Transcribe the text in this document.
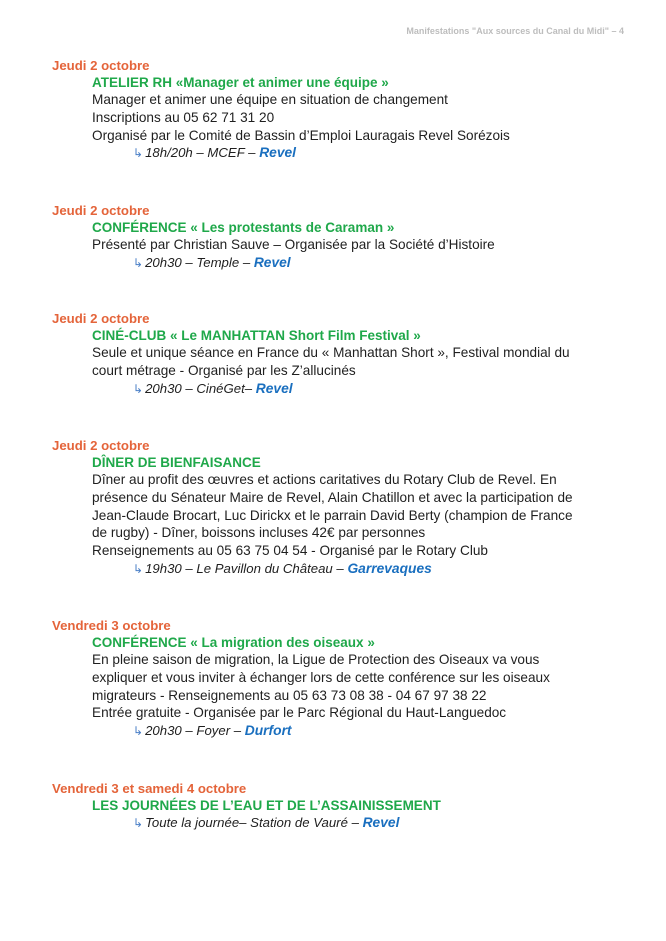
Manifestations "Aux sources du Canal du Midi" – 4
Jeudi 2 octobre
ATELIER RH «Manager et animer une équipe »
Manager et animer une équipe en situation de changement
Inscriptions au 05 62 71 31 20
Organisé par le Comité de Bassin d’Emploi Lauragais Revel Sorézois
↳ 18h/20h – MCEF – Revel
Jeudi 2 octobre
CONFÉRENCE « Les protestants de Caraman »
Présenté par Christian Sauve – Organisée par la Société d’Histoire
↳ 20h30 – Temple – Revel
Jeudi 2 octobre
CINÉ-CLUB « Le MANHATTAN Short Film Festival »
Seule et unique séance en France du « Manhattan Short », Festival mondial du
court métrage - Organisé par les Z’allucinés
↳ 20h30 – CinéGet– Revel
Jeudi 2 octobre
DÎNER DE BIENFAISANCE
Dîner au profit des œuvres et actions caritatives du Rotary Club de Revel. En
présence du Sénateur Maire de Revel, Alain Chatillon et avec la participation de
Jean-Claude Brocart, Luc Dirickx et le parrain David Berty (champion de France
de rugby) - Dîner, boissons incluses 42€ par personnes
Renseignements au 05 63 75 04 54 - Organisé par le Rotary Club
↳ 19h30 – Le Pavillon du Château – Garrevaques
Vendredi 3 octobre
CONFÉRENCE « La migration des oiseaux »
En pleine saison de migration, la Ligue de Protection des Oiseaux va vous
expliquer et vous inviter à échanger lors de cette conférence sur les oiseaux
migrateurs - Renseignements au 05 63 73 08 38 - 04 67 97 38 22
Entrée gratuite - Organisée par le Parc Régional du Haut-Languedoc
↳ 20h30 – Foyer – Durfort
Vendredi 3 et samedi 4 octobre
LES JOURNÉES DE L’EAU ET DE L’ASSAINISSEMENT
↳ Toute la journée– Station de Vauré – Revel
